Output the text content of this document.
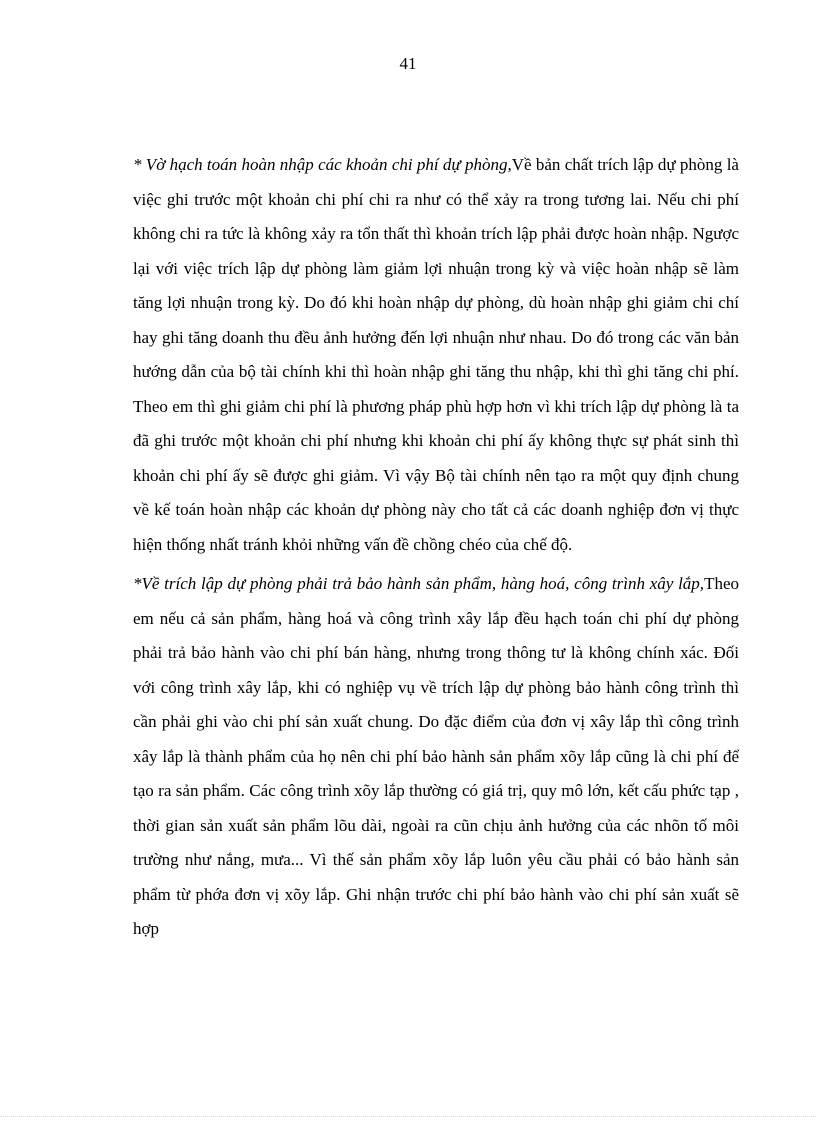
41

* Vờ hạch toán hoàn nhập các khoản chi phí dự phòng,Về bản chất trích lập dự phòng là việc ghi trước một khoản chi phí chi ra như có thể xảy ra trong tương lai. Nếu chi phí không chi ra tức là không xảy ra tổn thất thì khoản trích lập phải được hoàn nhập. Ngược lại với việc trích lập dự phòng làm giảm lợi nhuận trong kỳ và việc hoàn nhập sẽ làm tăng lợi nhuận trong kỳ. Do đó khi hoàn nhập dự phòng, dù hoàn nhập ghi giảm chi chí hay ghi tăng doanh thu đều ảnh hưởng đến lợi nhuận như nhau. Do đó trong các văn bản hướng dẫn của bộ tài chính khi thì hoàn nhập ghi tăng thu nhập, khi thì ghi tăng chi phí. Theo em thì ghi giảm chi phí là phương pháp phù hợp hơn vì khi trích lập dự phòng là ta đã ghi trước một khoản chi phí nhưng khi khoản chi phí ấy không thực sự phát sinh thì khoản chi phí ấy sẽ được ghi giảm. Vì vậy Bộ tài chính nên tạo ra một quy định chung về kế toán hoàn nhập các khoản dự phòng này cho tất cả các doanh nghiệp đơn vị thực hiện thống nhất tránh khỏi những vấn đề chồng chéo của chế độ.

*Về trích lập dự phòng phải trả bảo hành sản phẩm, hàng hoá, công trình xây lắp,Theo em nếu cả sản phẩm, hàng hoá và công trình xây lắp đều hạch toán chi phí dự phòng phải trả bảo hành vào chi phí bán hàng, nhưng trong thông tư là không chính xác. Đối với công trình xây lắp, khi có nghiệp vụ về trích lập dự phòng bảo hành công trình thì cần phải ghi vào chi phí sản xuất chung. Do đặc điểm của đơn vị xây lắp thì công trình xây lắp là thành phẩm của họ nên chi phí bảo hành sản phẩm xõy lắp cũng là chi phí để tạo ra sản phẩm. Các công trình xõy lắp thường có giá trị, quy mô lớn, kết cấu phức tạp , thời gian sản xuất sản phẩm lõu dài, ngoài ra cũn chịu ảnh hưởng của các nhõn tố môi trường như nắng, mưa... Vì thế sản phẩm xõy lắp luôn yêu cầu phải có bảo hành sản phẩm từ phớa đơn vị xõy lắp. Ghi nhận trước chi phí bảo hành vào chi phí sản xuất sẽ hợp
